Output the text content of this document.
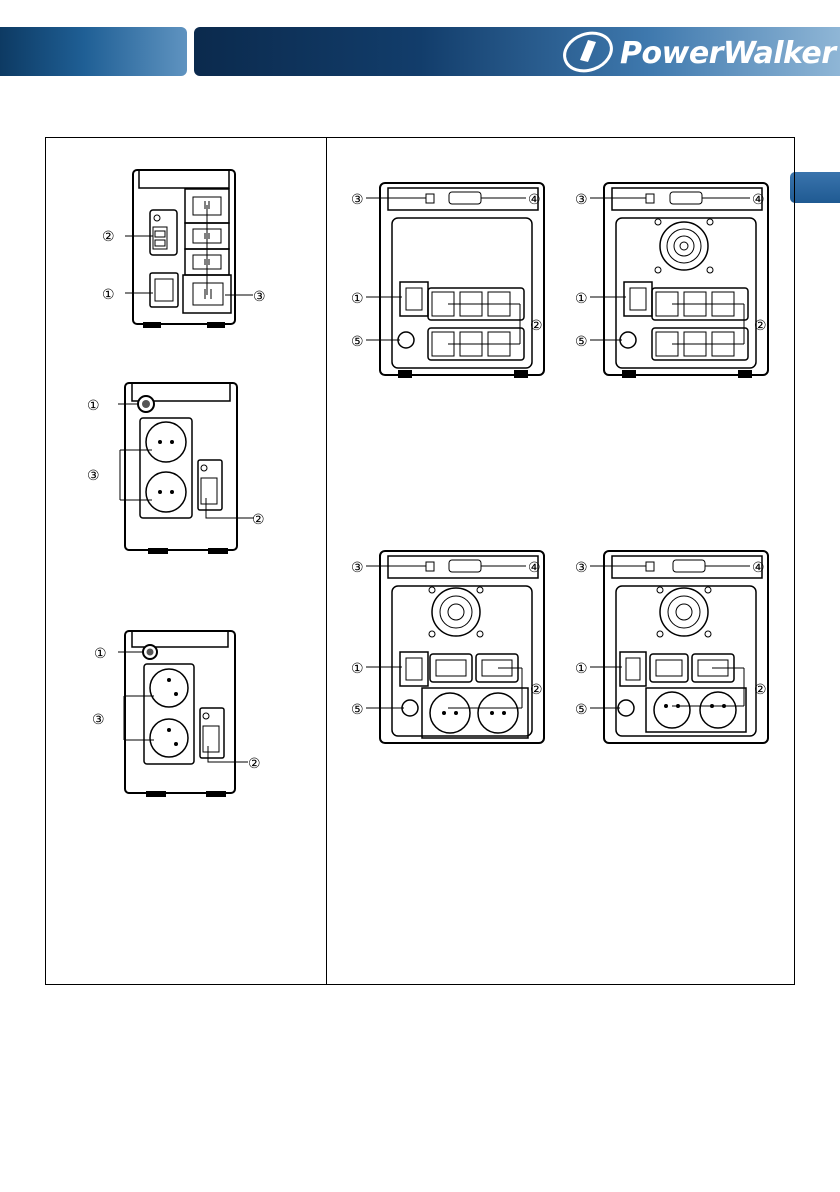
PowerWalker
②
①	③
①
③
②
①
③
②
③	④
①
②
⑤
③	④
①
②
⑤
③	④
①
②
⑤
③	④
①
②
⑤
